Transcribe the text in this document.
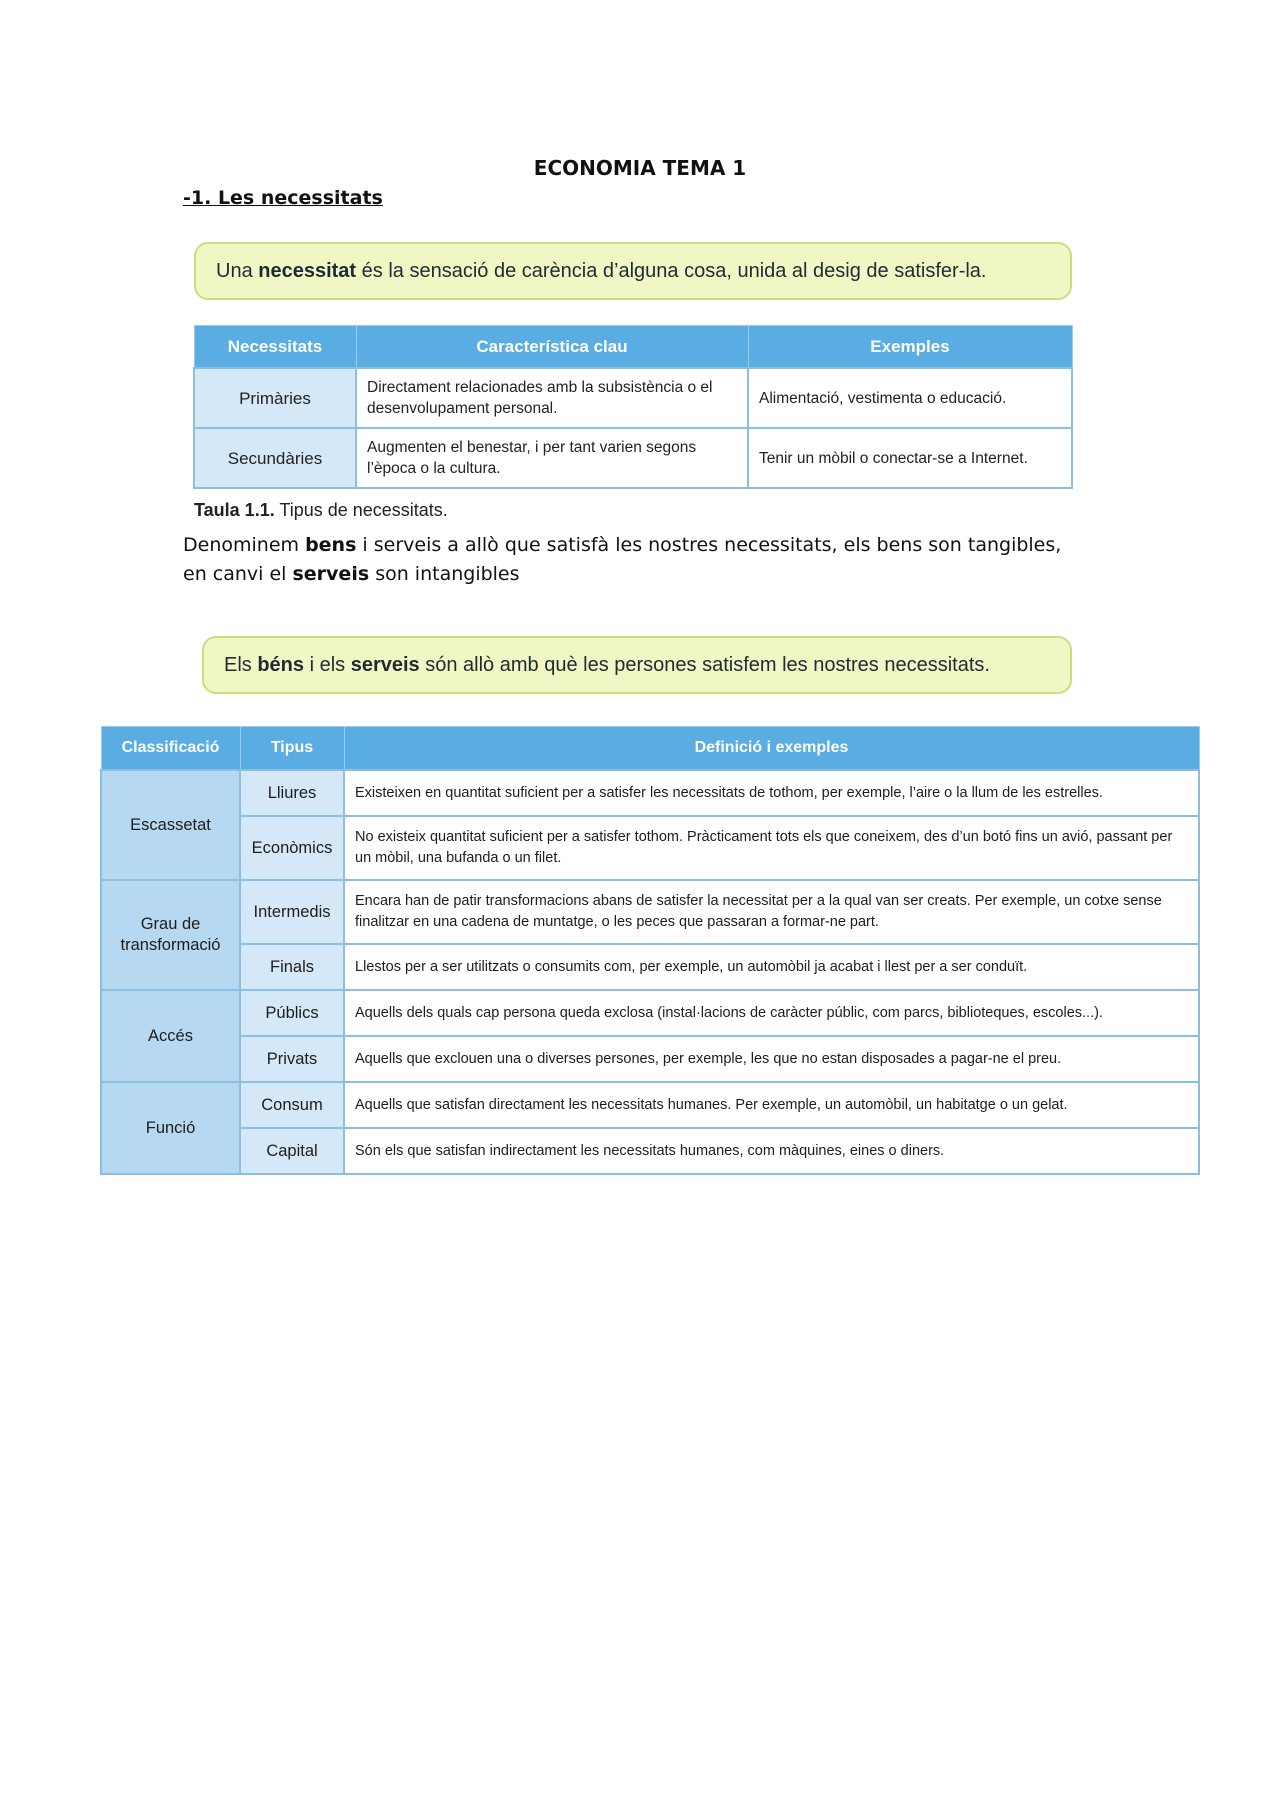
ECONOMIA TEMA 1
-1. Les necessitats
Una necessitat és la sensació de carència d’alguna cosa, unida al desig de satisfer-la.
Necessitats	Característica clau	Exemples
Primàries	Directament relacionades amb la subsistència o el desenvolupament personal.	Alimentació, vestimenta o educació.
Secundàries	Augmenten el benestar, i per tant varien segons l’època o la cultura.	Tenir un mòbil o conectar-se a Internet.
Taula 1.1. Tipus de necessitats.
Denominem bens i serveis a allò que satisfà les nostres necessitats, els bens son tangibles, en canvi el serveis son intangibles
Els béns i els serveis són allò amb què les persones satisfem les nostres necessitats.
Classificació	Tipus	Definició i exemples
Escassetat	Lliures	Existeixen en quantitat suficient per a satisfer les necessitats de tothom, per exemple, l’aire o la llum de les estrelles.
	Econòmics	No existeix quantitat suficient per a satisfer tothom. Pràcticament tots els que coneixem, des d’un botó fins un avió, passant per un mòbil, una bufanda o un filet.
Grau de transformació	Intermedis	Encara han de patir transformacions abans de satisfer la necessitat per a la qual van ser creats. Per exemple, un cotxe sense finalitzar en una cadena de muntatge, o les peces que passaran a formar-ne part.
	Finals	Llestos per a ser utilitzats o consumits com, per exemple, un automòbil ja acabat i llest per a ser conduït.
Accés	Públics	Aquells dels quals cap persona queda exclosa (instal·lacions de caràcter públic, com parcs, biblioteques, escoles...).
	Privats	Aquells que exclouen una o diverses persones, per exemple, les que no estan disposades a pagar-ne el preu.
Funció	Consum	Aquells que satisfan directament les necessitats humanes. Per exemple, un automòbil, un habitatge o un gelat.
	Capital	Són els que satisfan indirectament les necessitats humanes, com màquines, eines o diners.
